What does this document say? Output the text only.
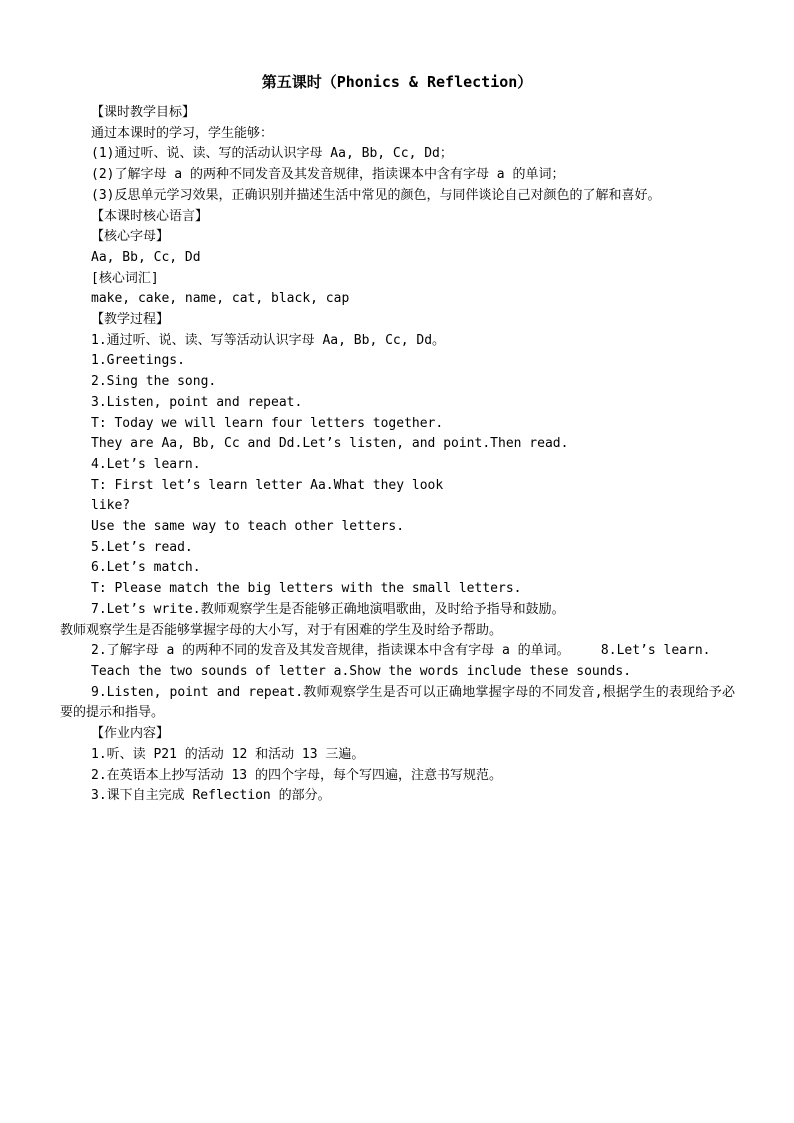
第五课时（Phonics & Reflection）

【课时教学目标】

通过本课时的学习，学生能够：

(1)通过听、说、读、写的活动认识字母 Aa, Bb, Cc, Dd；

(2)了解字母 a 的两种不同发音及其发音规律，指读课本中含有字母 a 的单词；

(3)反思单元学习效果，正确识别并描述生活中常见的颜色，与同伴谈论自己对颜色的了解和喜好。

【本课时核心语言】

【核心字母】

Aa, Bb, Cc, Dd

[核心词汇]

make, cake, name, cat, black, cap

【教学过程】

1.通过听、说、读、写等活动认识字母 Aa, Bb, Cc, Dd。

1.Greetings.

2.Sing the song.

3.Listen, point and repeat.

T: Today we will learn four letters together.

They are Aa, Bb, Cc and Dd.Let’s listen, and point.Then read.

4.Let’s learn.

T: First let’s learn letter Aa.What they look

like?

Use the same way to teach other letters.

5.Let’s read.

6.Let’s match.

T: Please match the big letters with the small letters.

7.Let’s write.教师观察学生是否能够正确地演唱歌曲，及时给予指导和鼓励。

教师观察学生是否能够掌握字母的大小写，对于有困难的学生及时给予帮助。

2.了解字母 a 的两种不同的发音及其发音规律，指读课本中含有字母 a 的单词。    8.Let’s learn.

Teach the two sounds of letter a.Show the words include these sounds.

9.Listen, point and repeat.教师观察学生是否可以正确地掌握字母的不同发音,根据学生的表现给予必要的提示和指导。

【作业内容】

1.听、读 P21 的活动 12 和活动 13 三遍。

2.在英语本上抄写活动 13 的四个字母，每个写四遍，注意书写规范。

3.课下自主完成 Reflection 的部分。
